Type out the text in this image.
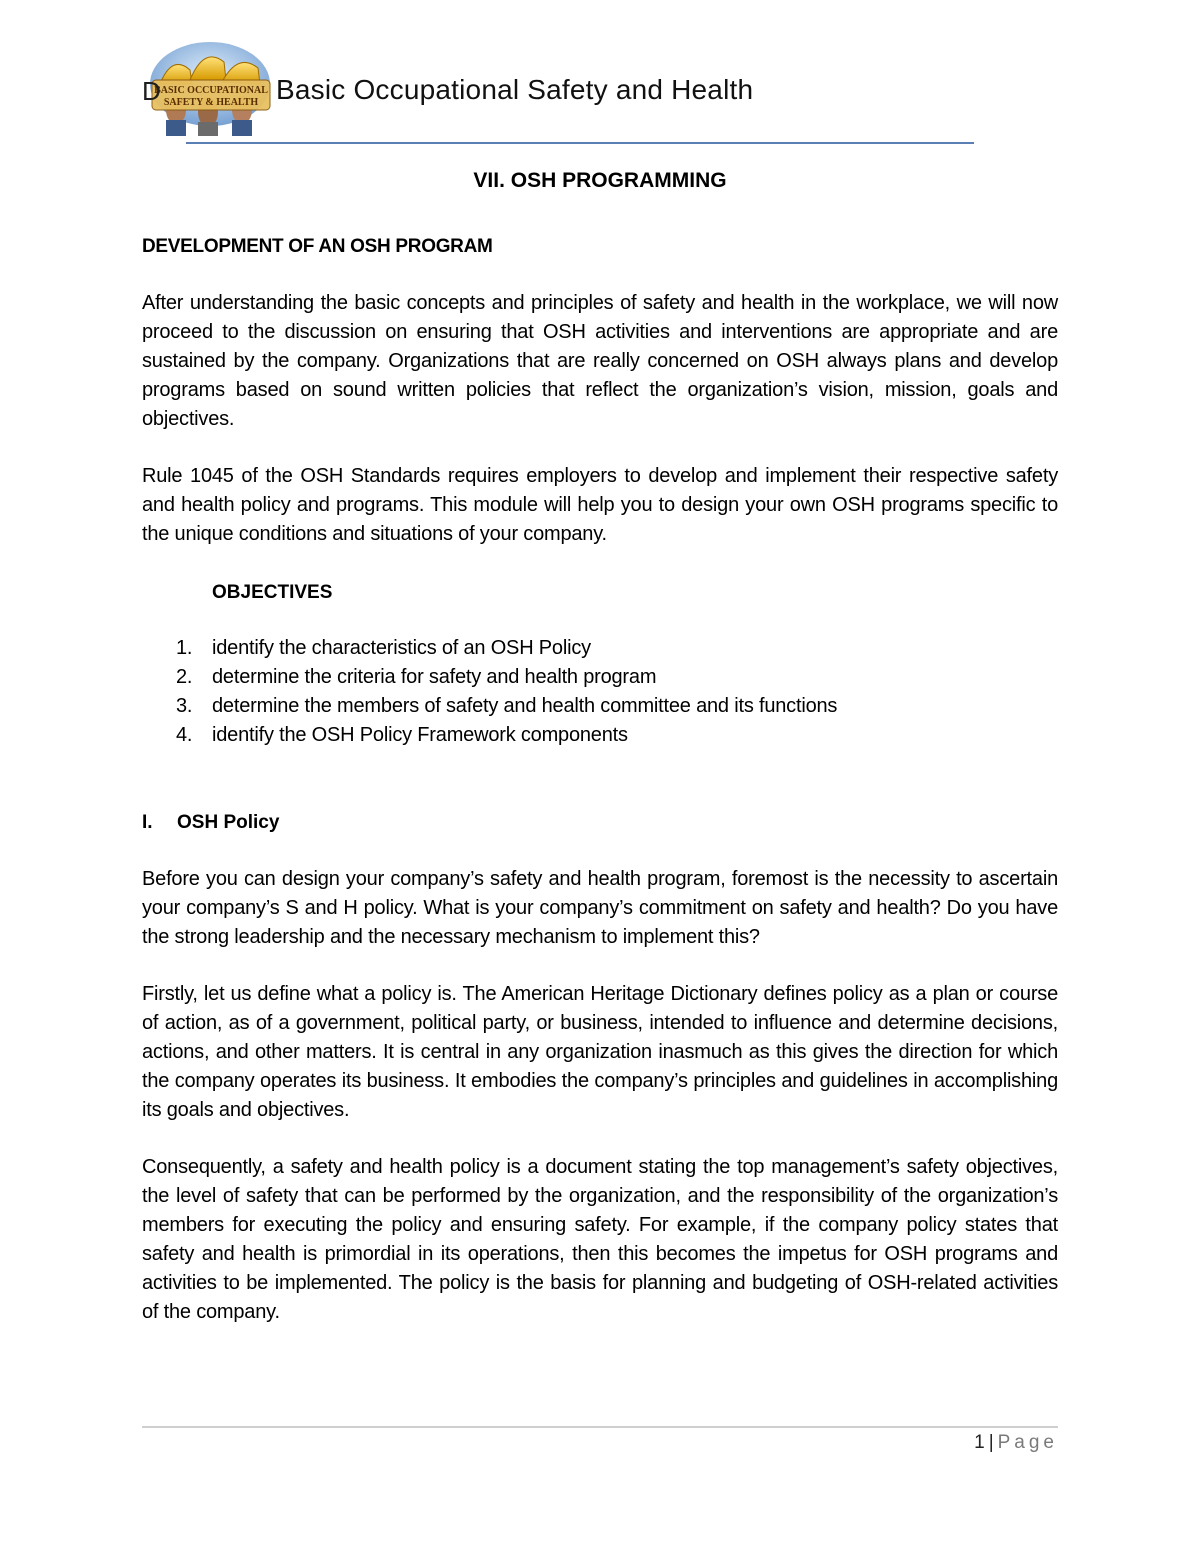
BASIC OCCUPATIONAL
SAFETY & HEALTH
D	Basic Occupational Safety and Health
VII. OSH PROGRAMMING
DEVELOPMENT OF AN OSH PROGRAM

After understanding the basic concepts and principles of safety and health in the workplace, we will now proceed to the discussion on ensuring that OSH activities and interventions are appropriate and are sustained by the company. Organizations that are really concerned on OSH always plans and develop programs based on sound written policies that reflect the organization’s vision, mission, goals and objectives.

Rule 1045 of the OSH Standards requires employers to develop and implement their respective safety and health policy and programs. This module will help you to design your own OSH programs specific to the unique conditions and situations of your company.

OBJECTIVES
1. identify the characteristics of an OSH Policy
2. determine the criteria for safety and health program
3. determine the members of safety and health committee and its functions
4. identify the OSH Policy Framework components
I. OSH Policy

Before you can design your company’s safety and health program, foremost is the necessity to ascertain your company’s S and H policy. What is your company’s commitment on safety and health? Do you have the strong leadership and the necessary mechanism to implement this?

Firstly, let us define what a policy is. The American Heritage Dictionary defines policy as a plan or course of action, as of a government, political party, or business, intended to influence and determine decisions, actions, and other matters. It is central in any organization inasmuch as this gives the direction for which the company operates its business. It embodies the company’s principles and guidelines in accomplishing its goals and objectives.

Consequently, a safety and health policy is a document stating the top management’s safety objectives, the level of safety that can be performed by the organization, and the responsibility of the organization’s members for executing the policy and ensuring safety. For example, if the company policy states that safety and health is primordial in its operations, then this becomes the impetus for OSH programs and activities to be implemented. The policy is the basis for planning and budgeting of OSH-related activities of the company.

1 | Page
